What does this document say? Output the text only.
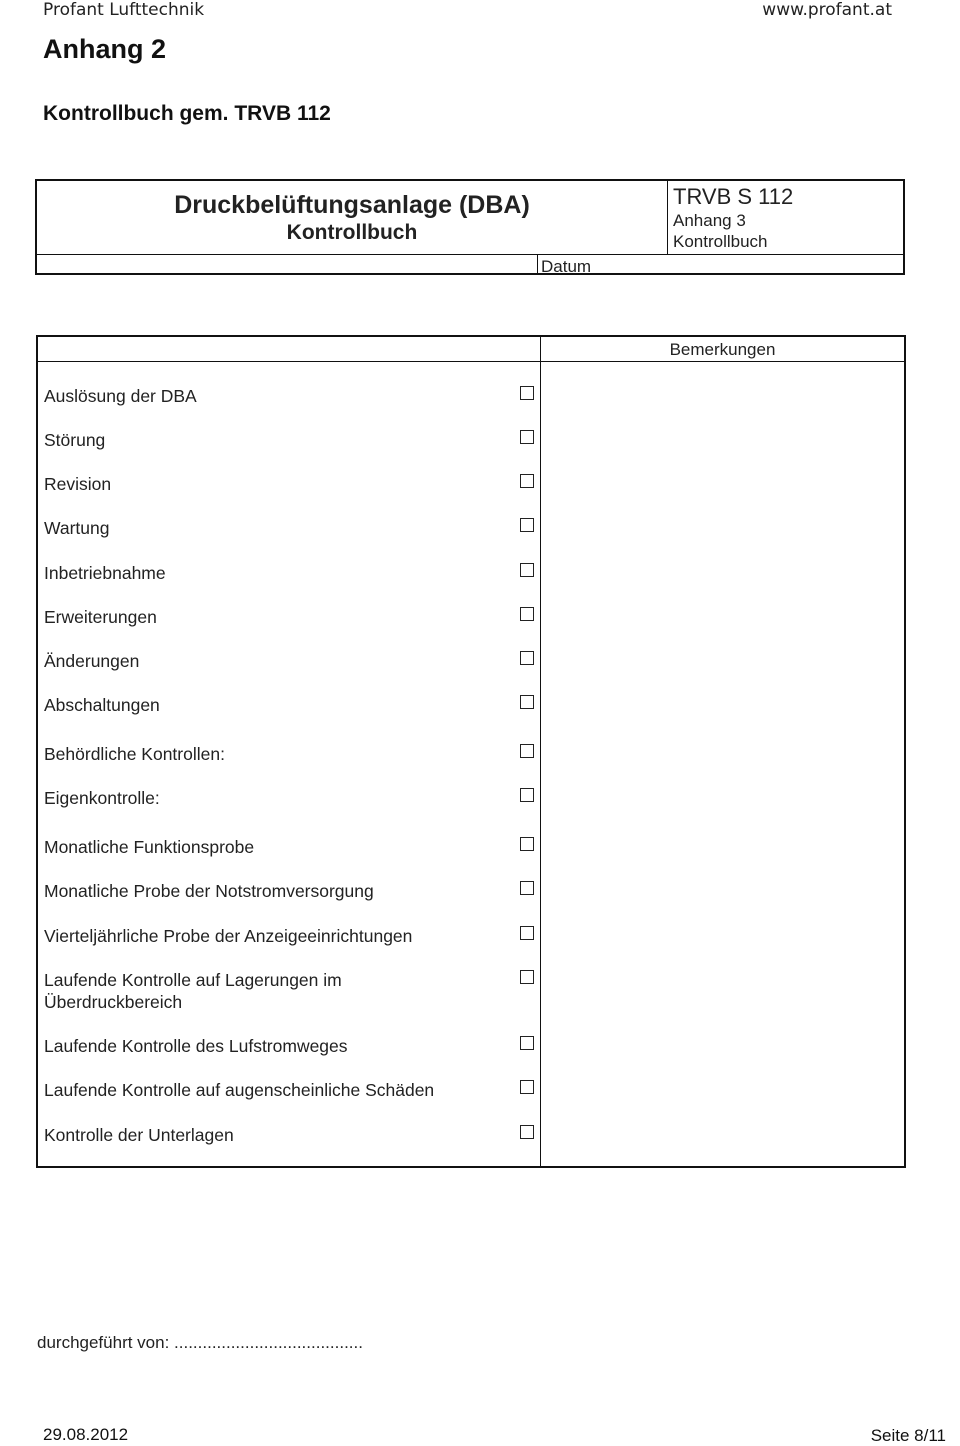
Profant Lufttechnik	www.profant.at
Anhang 2
Kontrollbuch gem. TRVB 112
Druckbelüftungsanlage (DBA)
Kontrollbuch
TRVB S 112
Anhang 3
Kontrollbuch
Datum
Bemerkungen
Auslösung der DBA
Störung
Revision
Wartung
Inbetriebnahme
Erweiterungen
Änderungen
Abschaltungen
Behördliche Kontrollen:
Eigenkontrolle:
Monatliche Funktionsprobe
Monatliche Probe der Notstromversorgung
Vierteljährliche Probe der Anzeigeeinrichtungen
Laufende Kontrolle auf Lagerungen im
Überdruckbereich
Laufende Kontrolle des Lufstromweges
Laufende Kontrolle auf augenscheinliche Schäden
Kontrolle der Unterlagen
durchgeführt von: ........................................
29.08.2012	Seite 8/11
